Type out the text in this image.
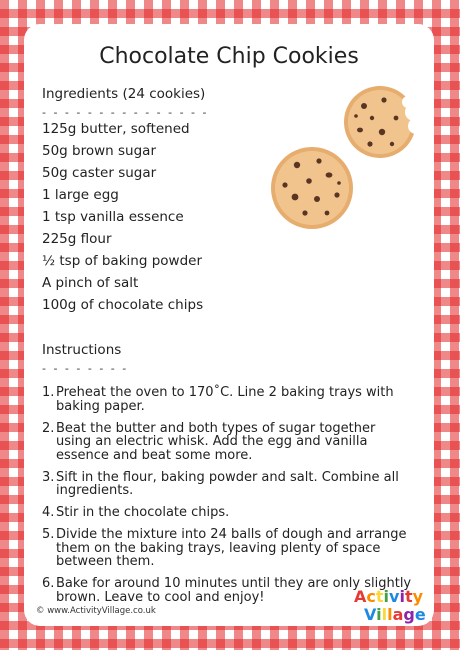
Chocolate Chip Cookies
Ingredients (24 cookies)
- - - - - - - - - - - - - - -
125g butter, softened
50g brown sugar
50g caster sugar
1 large egg
1 tsp vanilla essence
225g flour
½ tsp of baking powder
A pinch of salt
100g of chocolate chips
Instructions
- - - - - - - -
1. Preheat the oven to 170˚C. Line 2 baking trays with baking paper.
2. Beat the butter and both types of sugar together using an electric whisk. Add the egg and vanilla essence and beat some more.
3. Sift in the flour, baking powder and salt. Combine all ingredients.
4. Stir in the chocolate chips.
5. Divide the mixture into 24 balls of dough and arrange them on the baking trays, leaving plenty of space between them.
6. Bake for around 10 minutes until they are only slightly brown. Leave to cool and enjoy!
© www.ActivityVillage.co.uk
Activity
Village
